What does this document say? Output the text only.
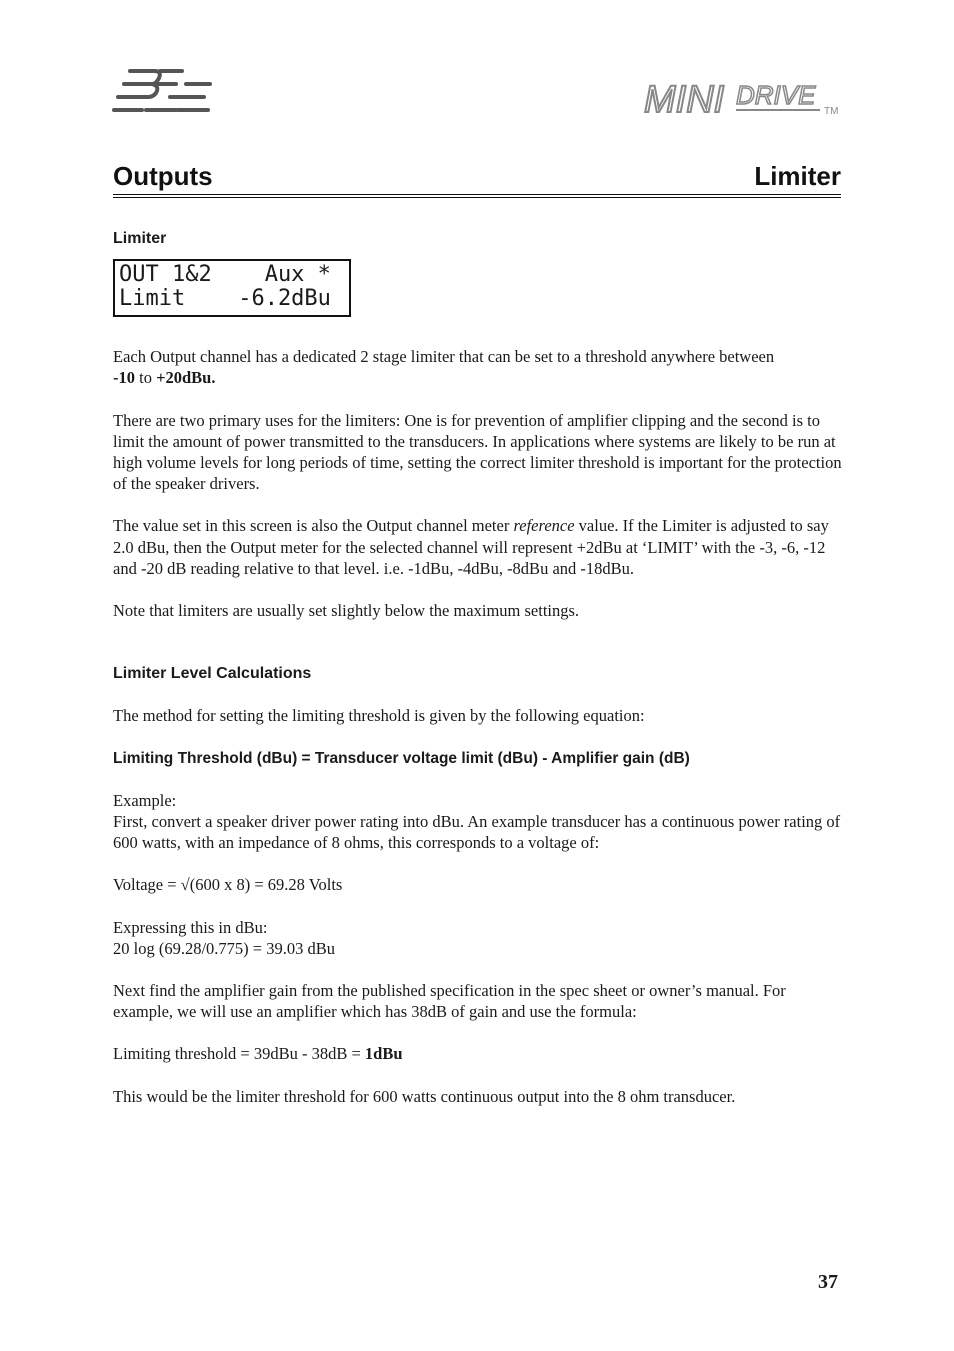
BSS
MINI DRIVE
TM
Outputs	Limiter

Limiter

OUT 1&2    Aux *
Limit    -6.2dBu

Each Output channel has a dedicated 2 stage limiter that can be set to a threshold anywhere between

-10 to +20dBu.

There are two primary uses for the limiters: One is for prevention of amplifier clipping and the second is to limit the amount of power transmitted to the transducers. In applications where systems are likely to be run at high volume levels for long periods of time, setting the correct limiter threshold is important for the protection of the speaker drivers.

The value set in this screen is also the Output channel meter reference value. If the Limiter is adjusted to say 2.0 dBu, then the Output meter for the selected channel will represent +2dBu at ‘LIMIT’ with the -3, -6, -12 and -20 dB reading relative to that level. i.e. -1dBu, -4dBu, -8dBu and -18dBu.

Note that limiters are usually set slightly below the maximum settings.

Limiter Level Calculations

The method for setting the limiting threshold is given by the following equation:

Limiting Threshold (dBu) = Transducer voltage limit (dBu) - Amplifier gain (dB)

Example:

First, convert a speaker driver power rating into dBu. An example transducer has a continuous power rating of 600 watts, with an impedance of 8 ohms, this corresponds to a voltage of:

Voltage = √(600 x 8) = 69.28 Volts

Expressing this in dBu:

20 log (69.28/0.775) = 39.03 dBu

Next find the amplifier gain from the published specification in the spec sheet or owner’s manual. For example, we will use an amplifier which has 38dB of gain and use the formula:

Limiting threshold = 39dBu - 38dB = 1dBu

This would be the limiter threshold for 600 watts continuous output into the 8 ohm transducer.

37
